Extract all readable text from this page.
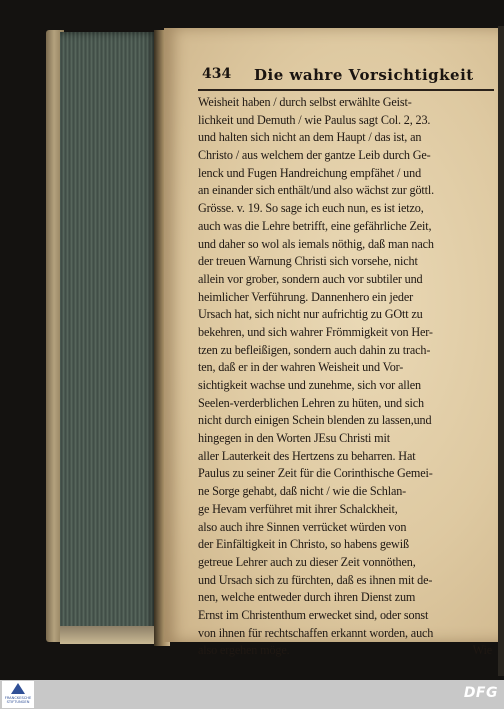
434 Die wahre Vorsichtigkeit
Weisheit haben / durch selbst erwählte Geist-
lichkeit und Demuth / wie Paulus sagt Col. 2, 23.
und halten sich nicht an dem Haupt / das ist, an
Christo / aus welchem der gantze Leib durch Ge-
lenck und Fugen Handreichung empfähet / und
an einander sich enthält/und also wächst zur göttl.
Grösse. v. 19. So sage ich euch nun, es ist ietzo,
auch was die Lehre betrifft, eine gefährliche Zeit,
und daher so wol als iemals nöthig, daß man nach
der treuen Warnung Christi sich vorsehe, nicht
allein vor grober, sondern auch vor subtiler und
heimlicher Verführung. Dannenhero ein jeder
Ursach hat, sich nicht nur aufrichtig zu GOtt zu
bekehren, und sich wahrer Frömmigkeit von Her-
tzen zu befleißigen, sondern auch dahin zu trach-
ten, daß er in der wahren Weisheit und Vor-
sichtigkeit wachse und zunehme, sich vor allen
Seelen-verderblichen Lehren zu hüten, und sich
nicht durch einigen Schein blenden zu lassen,und
hingegen in den Worten JEsu Christi mit
aller Lauterkeit des Hertzens zu beharren. Hat
Paulus zu seiner Zeit für die Corinthische Gemei-
ne Sorge gehabt, daß nicht / wie die Schlan-
ge Hevam verführet mit ihrer Schalckheit,
also auch ihre Sinnen verrücket würden von
der Einfältigkeit in Christo, so habens gewiß
getreue Lehrer auch zu dieser Zeit vonnöthen,
und Ursach sich zu fürchten, daß es ihnen mit de-
nen, welche entweder durch ihren Dienst zum
Ernst im Christenthum erwecket sind, oder sonst
von ihnen für rechtschaffen erkannt worden, auch
also ergehen möge.	Wie
FRANCKESCHE STIFTUNGEN
DFG
